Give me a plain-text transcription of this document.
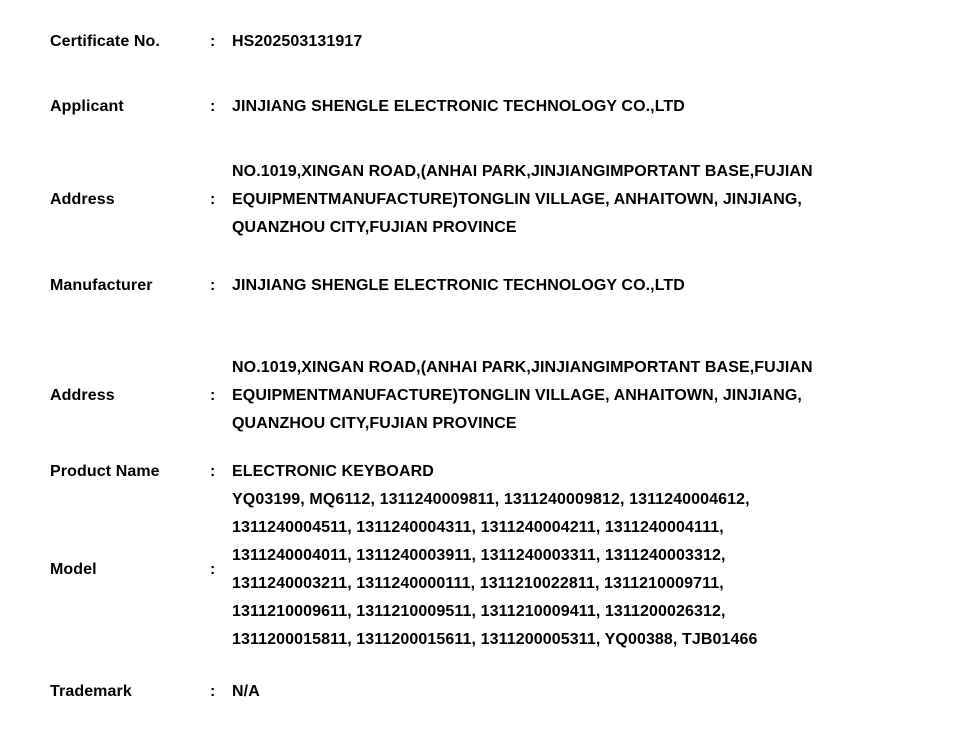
Certificate No.	:	HS202503131917
Applicant	:	JINJIANG SHENGLE ELECTRONIC TECHNOLOGY CO.,LTD
Address	:
NO.1019,XINGAN ROAD,(ANHAI PARK,JINJIANGIMPORTANT BASE,FUJIAN
EQUIPMENTMANUFACTURE)TONGLIN VILLAGE, ANHAITOWN, JINJIANG,
QUANZHOU CITY,FUJIAN PROVINCE
Manufacturer	:	JINJIANG SHENGLE ELECTRONIC TECHNOLOGY CO.,LTD
Address	:
NO.1019,XINGAN ROAD,(ANHAI PARK,JINJIANGIMPORTANT BASE,FUJIAN
EQUIPMENTMANUFACTURE)TONGLIN VILLAGE, ANHAITOWN, JINJIANG,
QUANZHOU CITY,FUJIAN PROVINCE
Product Name	:	ELECTRONIC KEYBOARD
Model	:
YQ03199, MQ6112, 1311240009811, 1311240009812, 1311240004612,
1311240004511, 1311240004311, 1311240004211, 1311240004111,
1311240004011, 1311240003911, 1311240003311, 1311240003312,
1311240003211, 1311240000111, 1311210022811, 1311210009711,
1311210009611, 1311210009511, 1311210009411, 1311200026312,
1311200015811, 1311200015611, 1311200005311, YQ00388, TJB01466
Trademark	:	N/A
